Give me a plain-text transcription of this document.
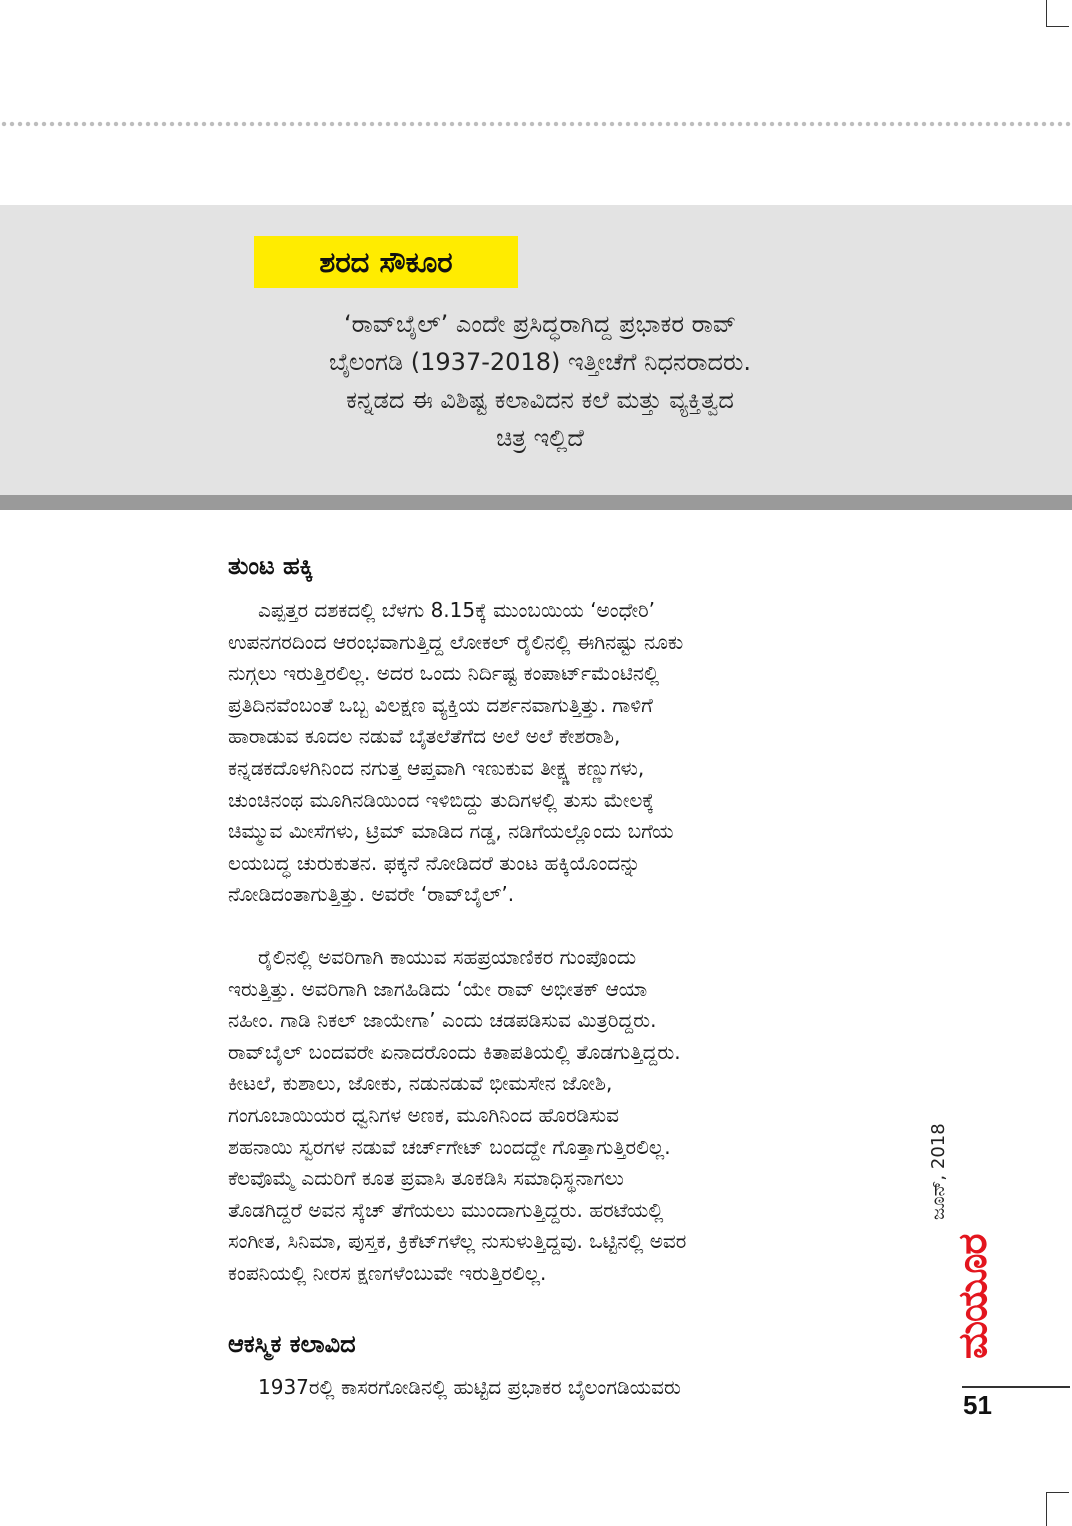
ಶರದ ಸೌಕೂರ
‘ರಾವ್‌ಬೈಲ್’ ಎಂದೇ ಪ್ರಸಿದ್ಧರಾಗಿದ್ದ ಪ್ರಭಾಕರ ರಾವ್
ಬೈಲಂಗಡಿ (1937-2018) ಇತ್ತೀಚೆಗೆ ನಿಧನರಾದರು.
ಕನ್ನಡದ ಈ ವಿಶಿಷ್ಟ ಕಲಾವಿದನ ಕಲೆ ಮತ್ತು ವ್ಯಕ್ತಿತ್ವದ
ಚಿತ್ರ ಇಲ್ಲಿದೆ
ತುಂಟ ಹಕ್ಕಿ
ಎಪ್ಪತ್ತರ ದಶಕದಲ್ಲಿ ಬೆಳಗು 8.15ಕ್ಕೆ ಮುಂಬಯಿಯ ‘ಅಂಧೇರಿ’
ಉಪನಗರದಿಂದ ಆರಂಭವಾಗುತ್ತಿದ್ದ ಲೋಕಲ್ ರೈಲಿನಲ್ಲಿ ಈಗಿನಷ್ಟು ನೂಕು
ನುಗ್ಗಲು ಇರುತ್ತಿರಲಿಲ್ಲ. ಅದರ ಒಂದು ನಿರ್ದಿಷ್ಟ ಕಂಪಾರ್ಟ್‌ಮೆಂಟಿನಲ್ಲಿ
ಪ್ರತಿದಿನವೆಂಬಂತೆ ಒಬ್ಬ ವಿಲಕ್ಷಣ ವ್ಯಕ್ತಿಯ ದರ್ಶನವಾಗುತ್ತಿತ್ತು. ಗಾಳಿಗೆ
ಹಾರಾಡುವ ಕೂದಲ ನಡುವೆ ಬೈತಲೆತೆಗೆದ ಅಲೆ ಅಲೆ ಕೇಶರಾಶಿ,
ಕನ್ನಡಕದೊಳಗಿನಿಂದ ನಗುತ್ತ ಆಪ್ತವಾಗಿ ಇಣುಕುವ ತೀಕ್ಷ್ಣ ಕಣ್ಣುಗಳು,
ಚುಂಚಿನಂಥ ಮೂಗಿನಡಿಯಿಂದ ಇಳಿಬಿದ್ದು ತುದಿಗಳಲ್ಲಿ ತುಸು ಮೇಲಕ್ಕೆ
ಚಿಮ್ಮುವ ಮೀಸೆಗಳು, ಟ್ರಿಮ್ ಮಾಡಿದ ಗಡ್ಡ, ನಡಿಗೆಯಲ್ಲೊಂದು ಬಗೆಯ
ಲಯಬದ್ಧ ಚುರುಕುತನ. ಫಕ್ಕನೆ ನೋಡಿದರೆ ತುಂಟ ಹಕ್ಕಿಯೊಂದನ್ನು
ನೋಡಿದಂತಾಗುತ್ತಿತ್ತು. ಅವರೇ ‘ರಾವ್‌ಬೈಲ್’.
ರೈಲಿನಲ್ಲಿ ಅವರಿಗಾಗಿ ಕಾಯುವ ಸಹಪ್ರಯಾಣಿಕರ ಗುಂಪೊಂದು
ಇರುತ್ತಿತ್ತು. ಅವರಿಗಾಗಿ ಜಾಗಹಿಡಿದು ‘ಯೇ ರಾವ್ ಅಭೀತಕ್ ಆಯಾ
ನಹೀಂ. ಗಾಡಿ ನಿಕಲ್ ಜಾಯೇಗಾ’ ಎಂದು ಚಡಪಡಿಸುವ ಮಿತ್ರರಿದ್ದರು.
ರಾವ್‌ಬೈಲ್ ಬಂದವರೇ ಏನಾದರೊಂದು ಕಿತಾಪತಿಯಲ್ಲಿ ತೊಡಗುತ್ತಿದ್ದರು.
ಕೀಟಲೆ, ಕುಶಾಲು, ಜೋಕು, ನಡುನಡುವೆ ಭೀಮಸೇನ ಜೋಶಿ,
ಗಂಗೂಬಾಯಿಯರ ಧ್ವನಿಗಳ ಅಣಕ, ಮೂಗಿನಿಂದ ಹೊರಡಿಸುವ
ಶಹನಾಯಿ ಸ್ವರಗಳ ನಡುವೆ ಚರ್ಚ್‌ಗೇಟ್ ಬಂದದ್ದೇ ಗೊತ್ತಾಗುತ್ತಿರಲಿಲ್ಲ.
ಕೆಲವೊಮ್ಮೆ ಎದುರಿಗೆ ಕೂತ ಪ್ರವಾಸಿ ತೂಕಡಿಸಿ ಸಮಾಧಿಸ್ಥನಾಗಲು
ತೊಡಗಿದ್ದರೆ ಅವನ ಸ್ಕೆಚ್ ತೆಗೆಯಲು ಮುಂದಾಗುತ್ತಿದ್ದರು. ಹರಟೆಯಲ್ಲಿ
ಸಂಗೀತ, ಸಿನಿಮಾ, ಪುಸ್ತಕ, ಕ್ರಿಕೆಟ್‌ಗಳೆಲ್ಲ ನುಸುಳುತ್ತಿದ್ದವು. ಒಟ್ಟಿನಲ್ಲಿ ಅವರ
ಕಂಪನಿಯಲ್ಲಿ ನೀರಸ ಕ್ಷಣಗಳೆಂಬುವೇ ಇರುತ್ತಿರಲಿಲ್ಲ.
ಆಕಸ್ಮಿಕ ಕಲಾವಿದ
1937ರಲ್ಲಿ ಕಾಸರಗೋಡಿನಲ್ಲಿ ಹುಟ್ಟಿದ ಪ್ರಭಾಕರ ಬೈಲಂಗಡಿಯವರು
ಜೂನ್, 2018
ಮಯೂರ
51
